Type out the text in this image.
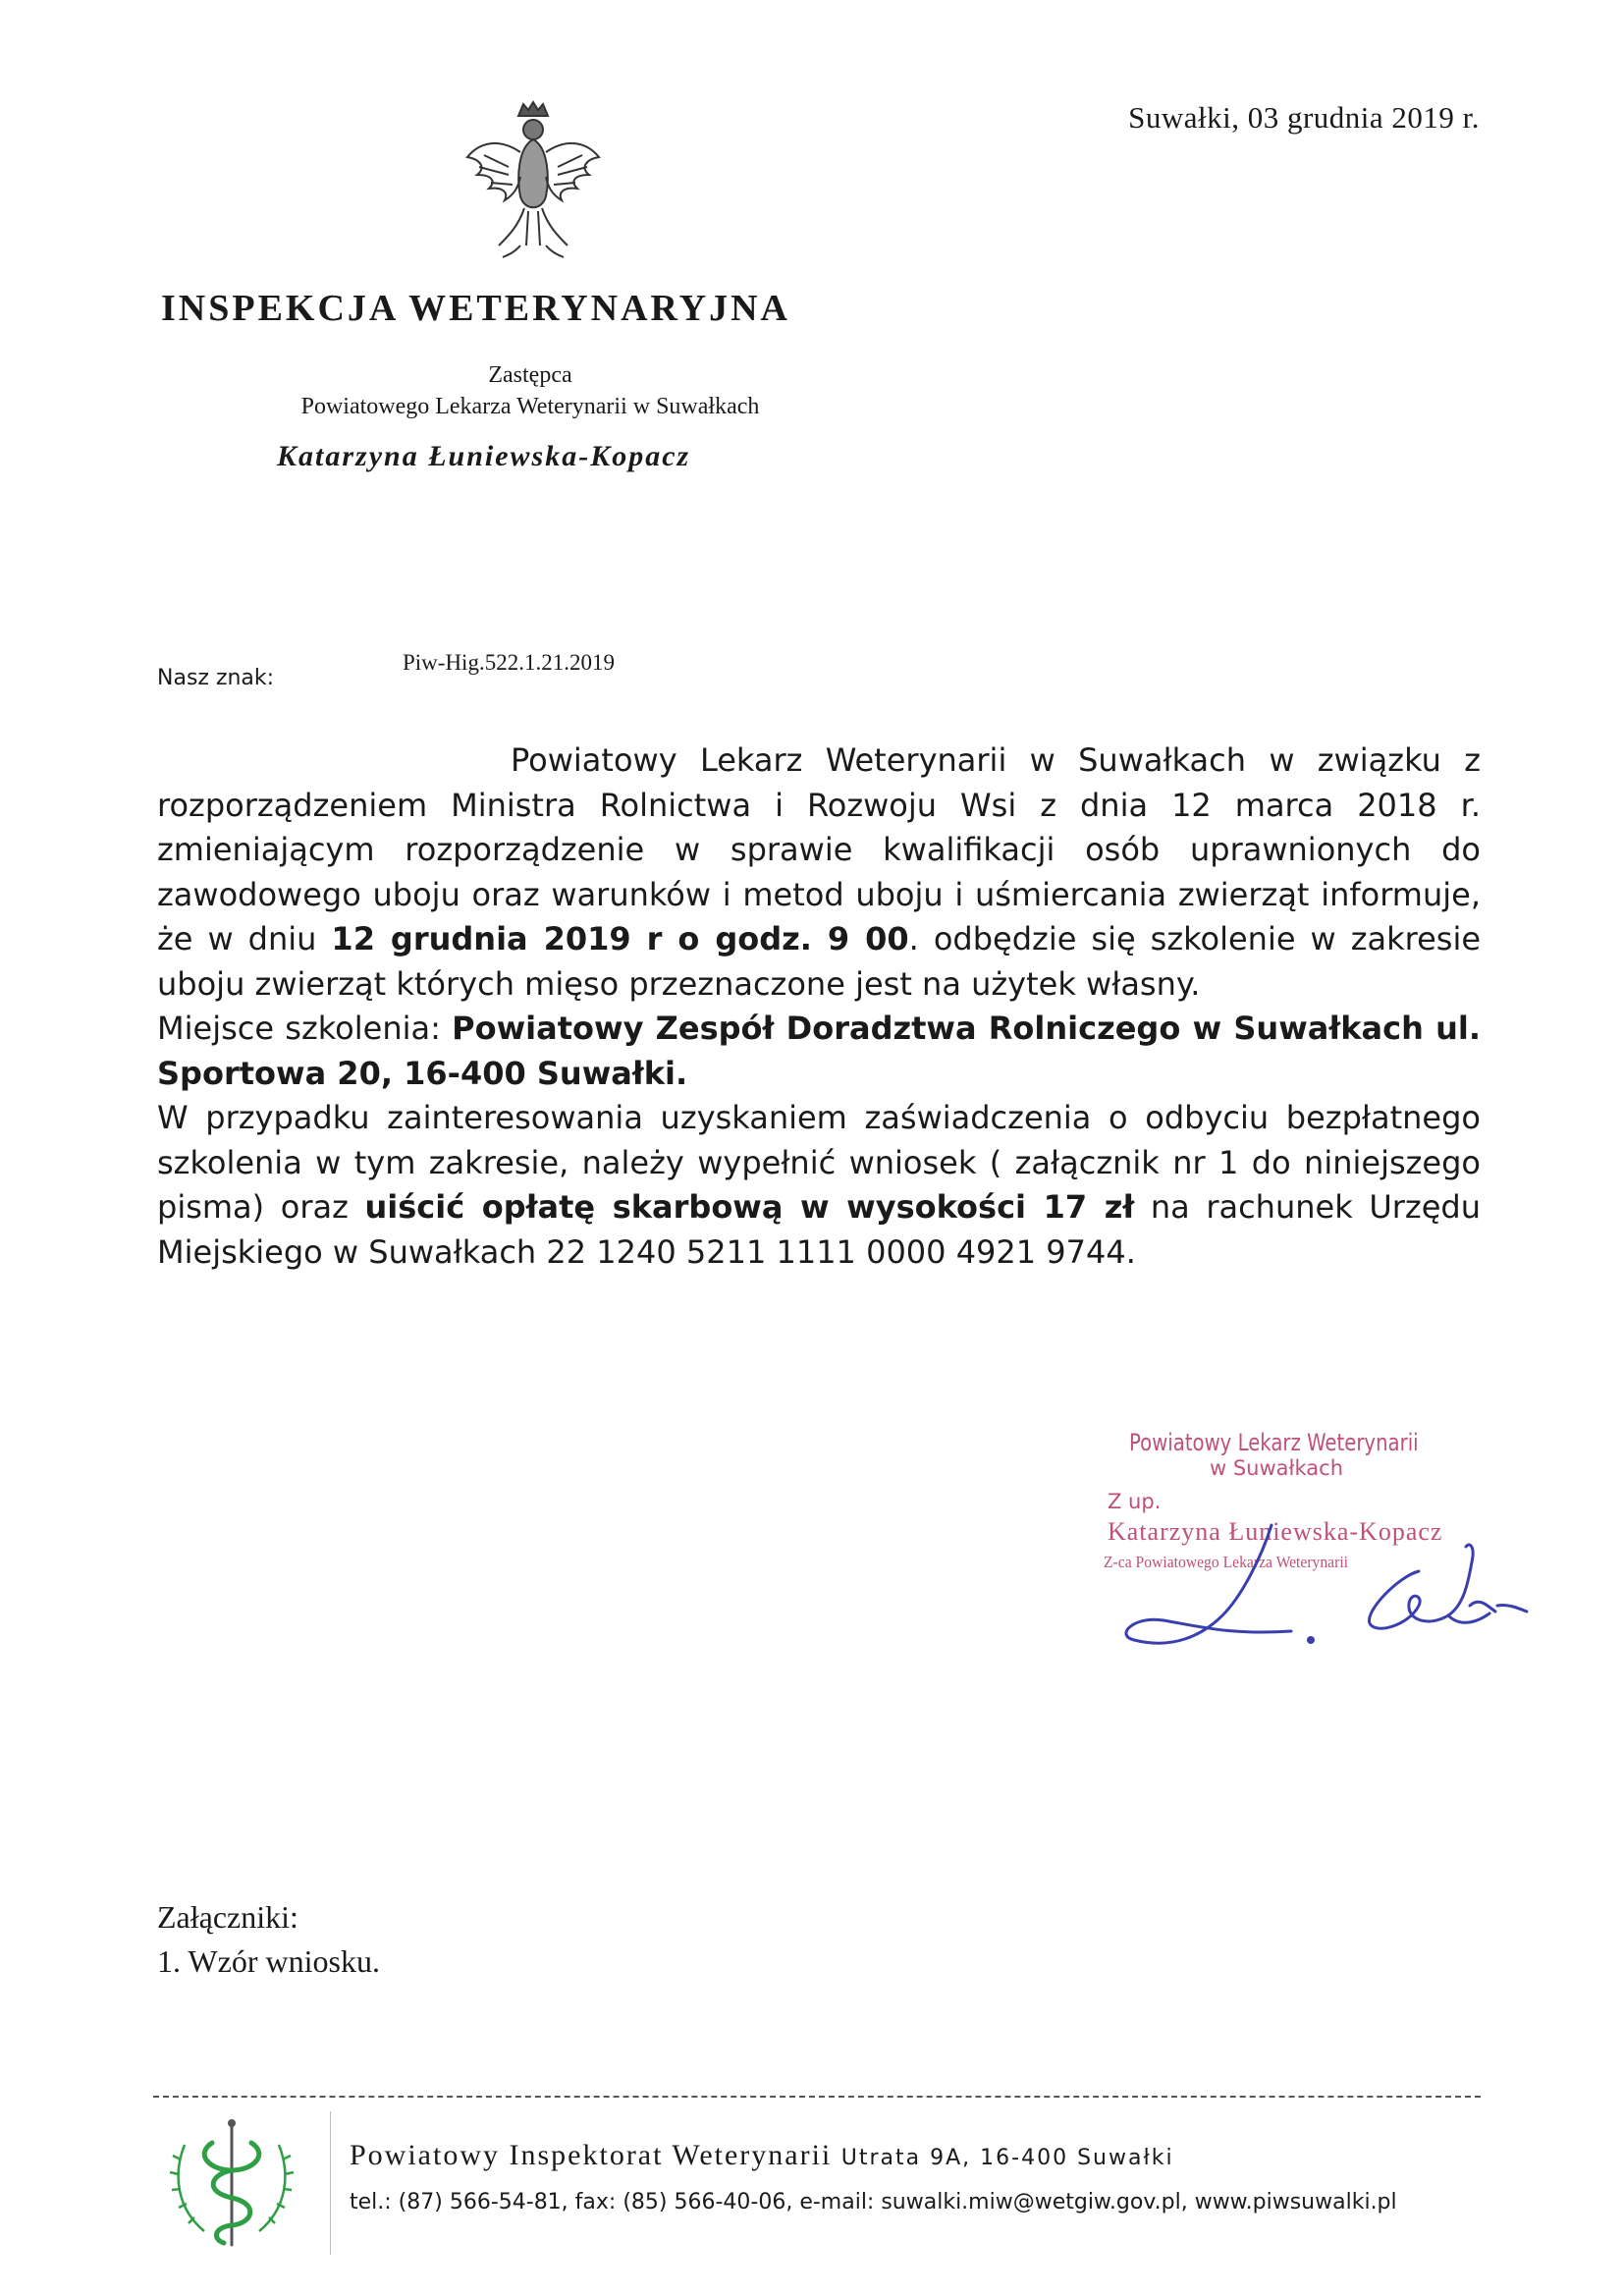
Suwałki, 03 grudnia 2019 r.
INSPEKCJA WETERYNARYJNA
Zastępca
Powiatowego Lekarza Weterynarii w Suwałkach
Katarzyna Łuniewska-Kopacz
Nasz znak:
Piw-Hig.522.1.21.2019

Powiatowy Lekarz Weterynarii w Suwałkach w związku z rozporządzeniem Ministra Rolnictwa i Rozwoju Wsi z dnia 12 marca 2018 r. zmieniającym rozporządzenie w sprawie kwalifikacji osób uprawnionych do zawodowego uboju oraz warunków i metod uboju i uśmiercania zwierząt informuje, że w dniu 12 grudnia 2019 r o godz. 9 00. odbędzie się szkolenie w zakresie uboju zwierząt których mięso przeznaczone jest na użytek własny.

Miejsce szkolenia: Powiatowy Zespół Doradztwa Rolniczego w Suwałkach ul. Sportowa 20, 16-400 Suwałki.

W przypadku zainteresowania uzyskaniem zaświadczenia o odbyciu bezpłatnego szkolenia w tym zakresie, należy wypełnić wniosek ( załącznik nr 1 do niniejszego pisma) oraz uiścić opłatę skarbową w wysokości 17 zł na rachunek Urzędu Miejskiego w Suwałkach 22 1240 5211 1111 0000 4921 9744.

Powiatowy Lekarz Weterynarii
w Suwałkach
Z up.
Katarzyna Łuniewska-Kopacz
Z-ca Powiatowego Lekarza Weterynarii
Załączniki:
1. Wzór wniosku.
Powiatowy Inspektorat Weterynarii Utrata 9A, 16-400 Suwałki
tel.: (87) 566-54-81, fax: (85) 566-40-06, e-mail: suwalki.miw@wetgiw.gov.pl, www.piwsuwalki.pl
